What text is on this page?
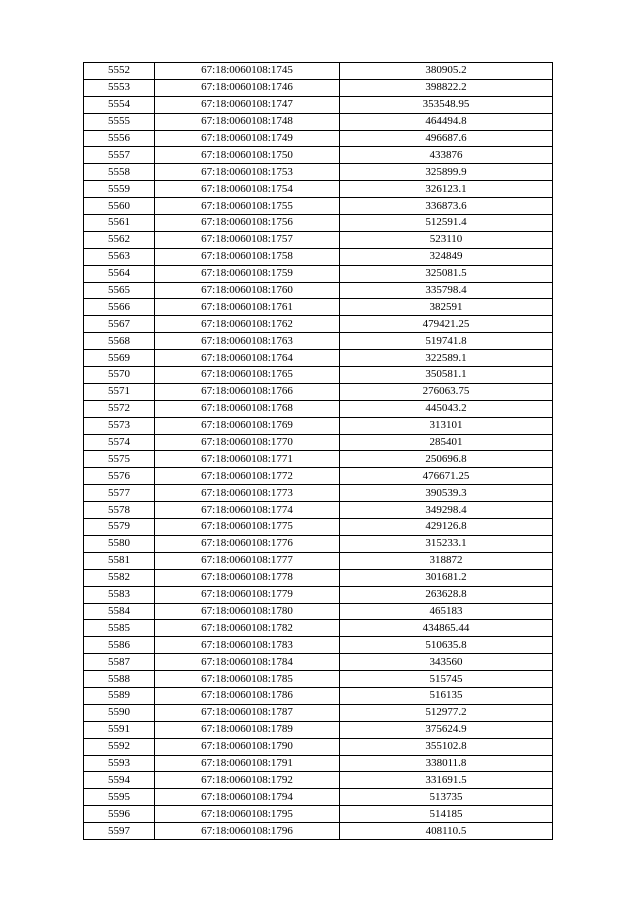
5552	67:18:0060108:1745	380905.2
5553	67:18:0060108:1746	398822.2
5554	67:18:0060108:1747	353548.95
5555	67:18:0060108:1748	464494.8
5556	67:18:0060108:1749	496687.6
5557	67:18:0060108:1750	433876
5558	67:18:0060108:1753	325899.9
5559	67:18:0060108:1754	326123.1
5560	67:18:0060108:1755	336873.6
5561	67:18:0060108:1756	512591.4
5562	67:18:0060108:1757	523110
5563	67:18:0060108:1758	324849
5564	67:18:0060108:1759	325081.5
5565	67:18:0060108:1760	335798.4
5566	67:18:0060108:1761	382591
5567	67:18:0060108:1762	479421.25
5568	67:18:0060108:1763	519741.8
5569	67:18:0060108:1764	322589.1
5570	67:18:0060108:1765	350581.1
5571	67:18:0060108:1766	276063.75
5572	67:18:0060108:1768	445043.2
5573	67:18:0060108:1769	313101
5574	67:18:0060108:1770	285401
5575	67:18:0060108:1771	250696.8
5576	67:18:0060108:1772	476671.25
5577	67:18:0060108:1773	390539.3
5578	67:18:0060108:1774	349298.4
5579	67:18:0060108:1775	429126.8
5580	67:18:0060108:1776	315233.1
5581	67:18:0060108:1777	318872
5582	67:18:0060108:1778	301681.2
5583	67:18:0060108:1779	263628.8
5584	67:18:0060108:1780	465183
5585	67:18:0060108:1782	434865.44
5586	67:18:0060108:1783	510635.8
5587	67:18:0060108:1784	343560
5588	67:18:0060108:1785	515745
5589	67:18:0060108:1786	516135
5590	67:18:0060108:1787	512977.2
5591	67:18:0060108:1789	375624.9
5592	67:18:0060108:1790	355102.8
5593	67:18:0060108:1791	338011.8
5594	67:18:0060108:1792	331691.5
5595	67:18:0060108:1794	513735
5596	67:18:0060108:1795	514185
5597	67:18:0060108:1796	408110.5
